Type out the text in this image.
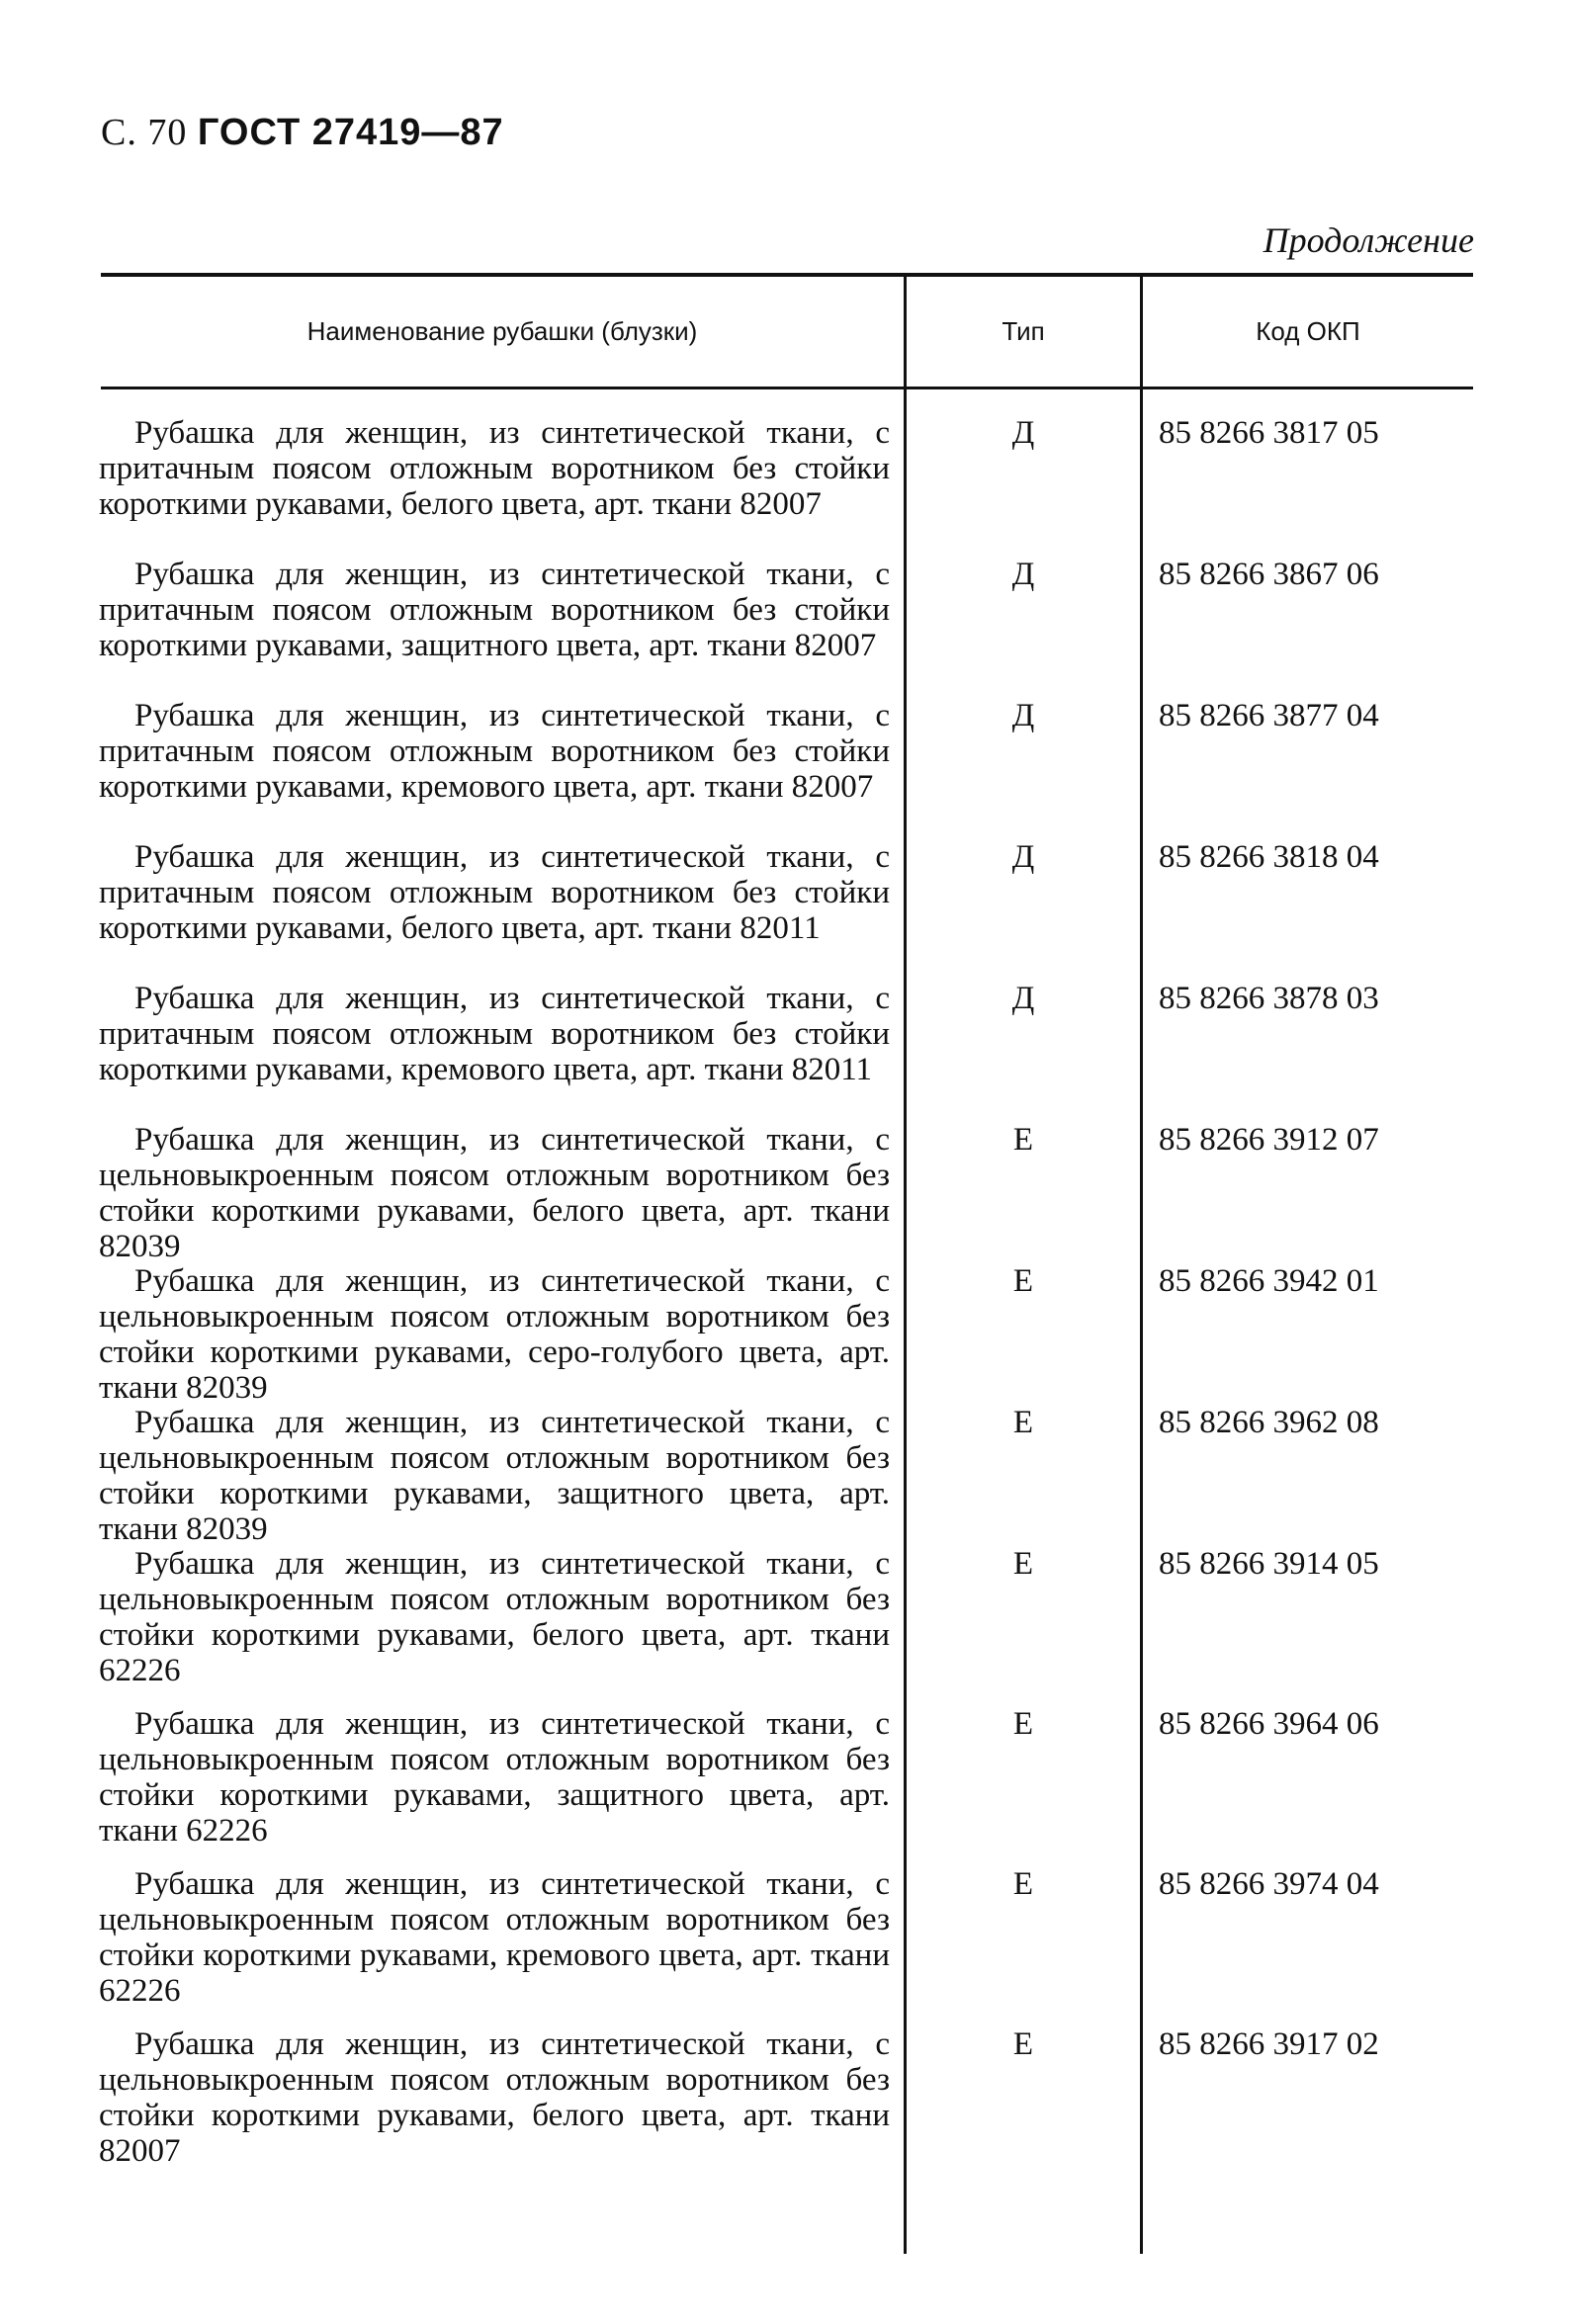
С. 70 ГОСТ 27419—87
Продолжение
Наименование рубашки (блузки)	Тип	Код ОКП
Рубашка для женщин, из синтетической ткани, с притачным поясом отложным воротником без стойки короткими рукавами, белого цвета, арт. ткани 82007
Д	85 8266 3817 05
Рубашка для женщин, из синтетической ткани, с притачным поясом отложным воротником без стойки короткими рукавами, защитного цвета, арт. ткани 82007
Д	85 8266 3867 06
Рубашка для женщин, из синтетической ткани, с притачным поясом отложным воротником без стойки короткими рукавами, кремового цвета, арт. ткани 82007
Д	85 8266 3877 04
Рубашка для женщин, из синтетической ткани, с притачным поясом отложным воротником без стойки короткими рукавами, белого цвета, арт. ткани 82011
Д	85 8266 3818 04
Рубашка для женщин, из синтетической ткани, с притачным поясом отложным воротником без стойки короткими рукавами, кремового цвета, арт. ткани 82011
Д	85 8266 3878 03
Рубашка для женщин, из синтетической ткани, с цельновыкроенным поясом отложным воротником без стойки короткими рукавами, белого цвета, арт. ткани 82039
Е	85 8266 3912 07
Рубашка для женщин, из синтетической ткани, с цельновыкроенным поясом отложным воротником без стойки короткими рукавами, серо-голубого цвета, арт. ткани 82039
Е	85 8266 3942 01
Рубашка для женщин, из синтетической ткани, с цельновыкроенным поясом отложным воротником без стойки короткими рукавами, защитного цвета, арт. ткани 82039
Е	85 8266 3962 08
Рубашка для женщин, из синтетической ткани, с цельновыкроенным поясом отложным воротником без стойки короткими рукавами, белого цвета, арт. ткани 62226
Е	85 8266 3914 05
Рубашка для женщин, из синтетической ткани, с цельновыкроенным поясом отложным воротником без стойки короткими рукавами, защитного цвета, арт. ткани 62226
Е	85 8266 3964 06
Рубашка для женщин, из синтетической ткани, с цельновыкроенным поясом отложным воротником без стойки короткими рукавами, кремового цвета, арт. ткани 62226
Е	85 8266 3974 04
Рубашка для женщин, из синтетической ткани, с цельновыкроенным поясом отложным воротником без стойки короткими рукавами, белого цвета, арт. ткани 82007
Е	85 8266 3917 02
